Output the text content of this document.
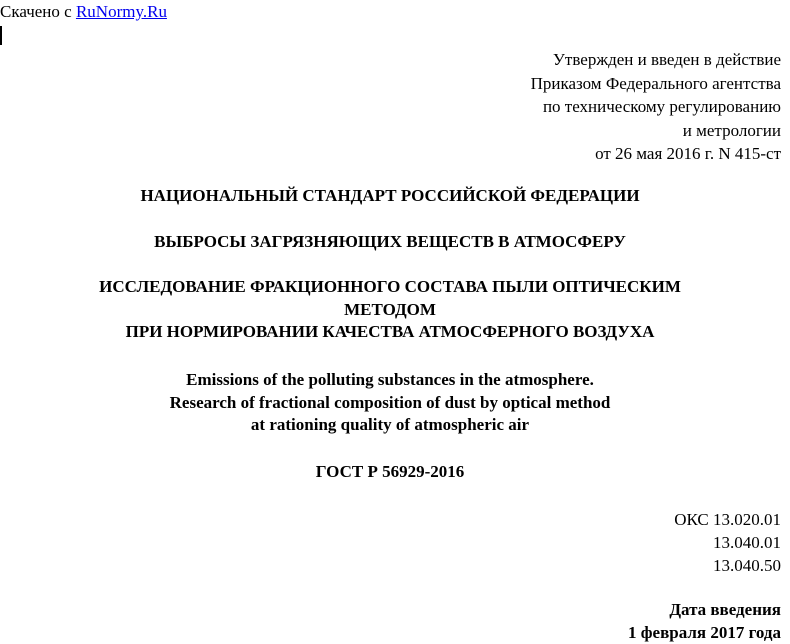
Скачено с RuNormy.Ru
Утвержден и введен в действие
Приказом Федерального агентства
по техническому регулированию
и метрологии
от 26 мая 2016 г. N 415-ст
НАЦИОНАЛЬНЫЙ СТАНДАРТ РОССИЙСКОЙ ФЕДЕРАЦИИ
ВЫБРОСЫ ЗАГРЯЗНЯЮЩИХ ВЕЩЕСТВ В АТМОСФЕРУ
ИССЛЕДОВАНИЕ ФРАКЦИОННОГО СОСТАВА ПЫЛИ ОПТИЧЕСКИМ
МЕТОДОМ
ПРИ НОРМИРОВАНИИ КАЧЕСТВА АТМОСФЕРНОГО ВОЗДУХА
Emissions of the polluting substances in the atmosphere.
Research of fractional composition of dust by optical method
at rationing quality of atmospheric air
ГОСТ Р 56929-2016
ОКС 13.020.01
13.040.01
13.040.50
Дата введения
1 февраля 2017 года
